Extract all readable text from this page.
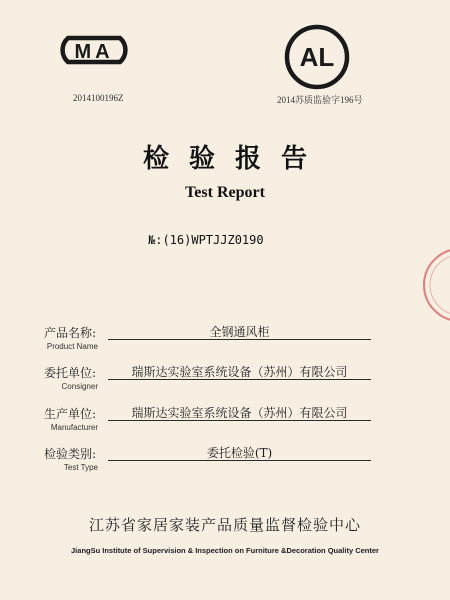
MA
2014100196Z
AL
2014苏质监验字196号
检验报告
Test Report
№:(16)WPTJJZ0190
产品名称:
Product Name
全钢通风柜
委托单位:
Consigner
瑞斯达实验室系统设备（苏州）有限公司
生产单位:
Manufacturer
瑞斯达实验室系统设备（苏州）有限公司
检验类别:
Test Type
委托检验(T)
江苏省家居家装产品质量监督检验中心
JiangSu Institute of Supervision & Inspection on Furniture &Decoration Quality Center
